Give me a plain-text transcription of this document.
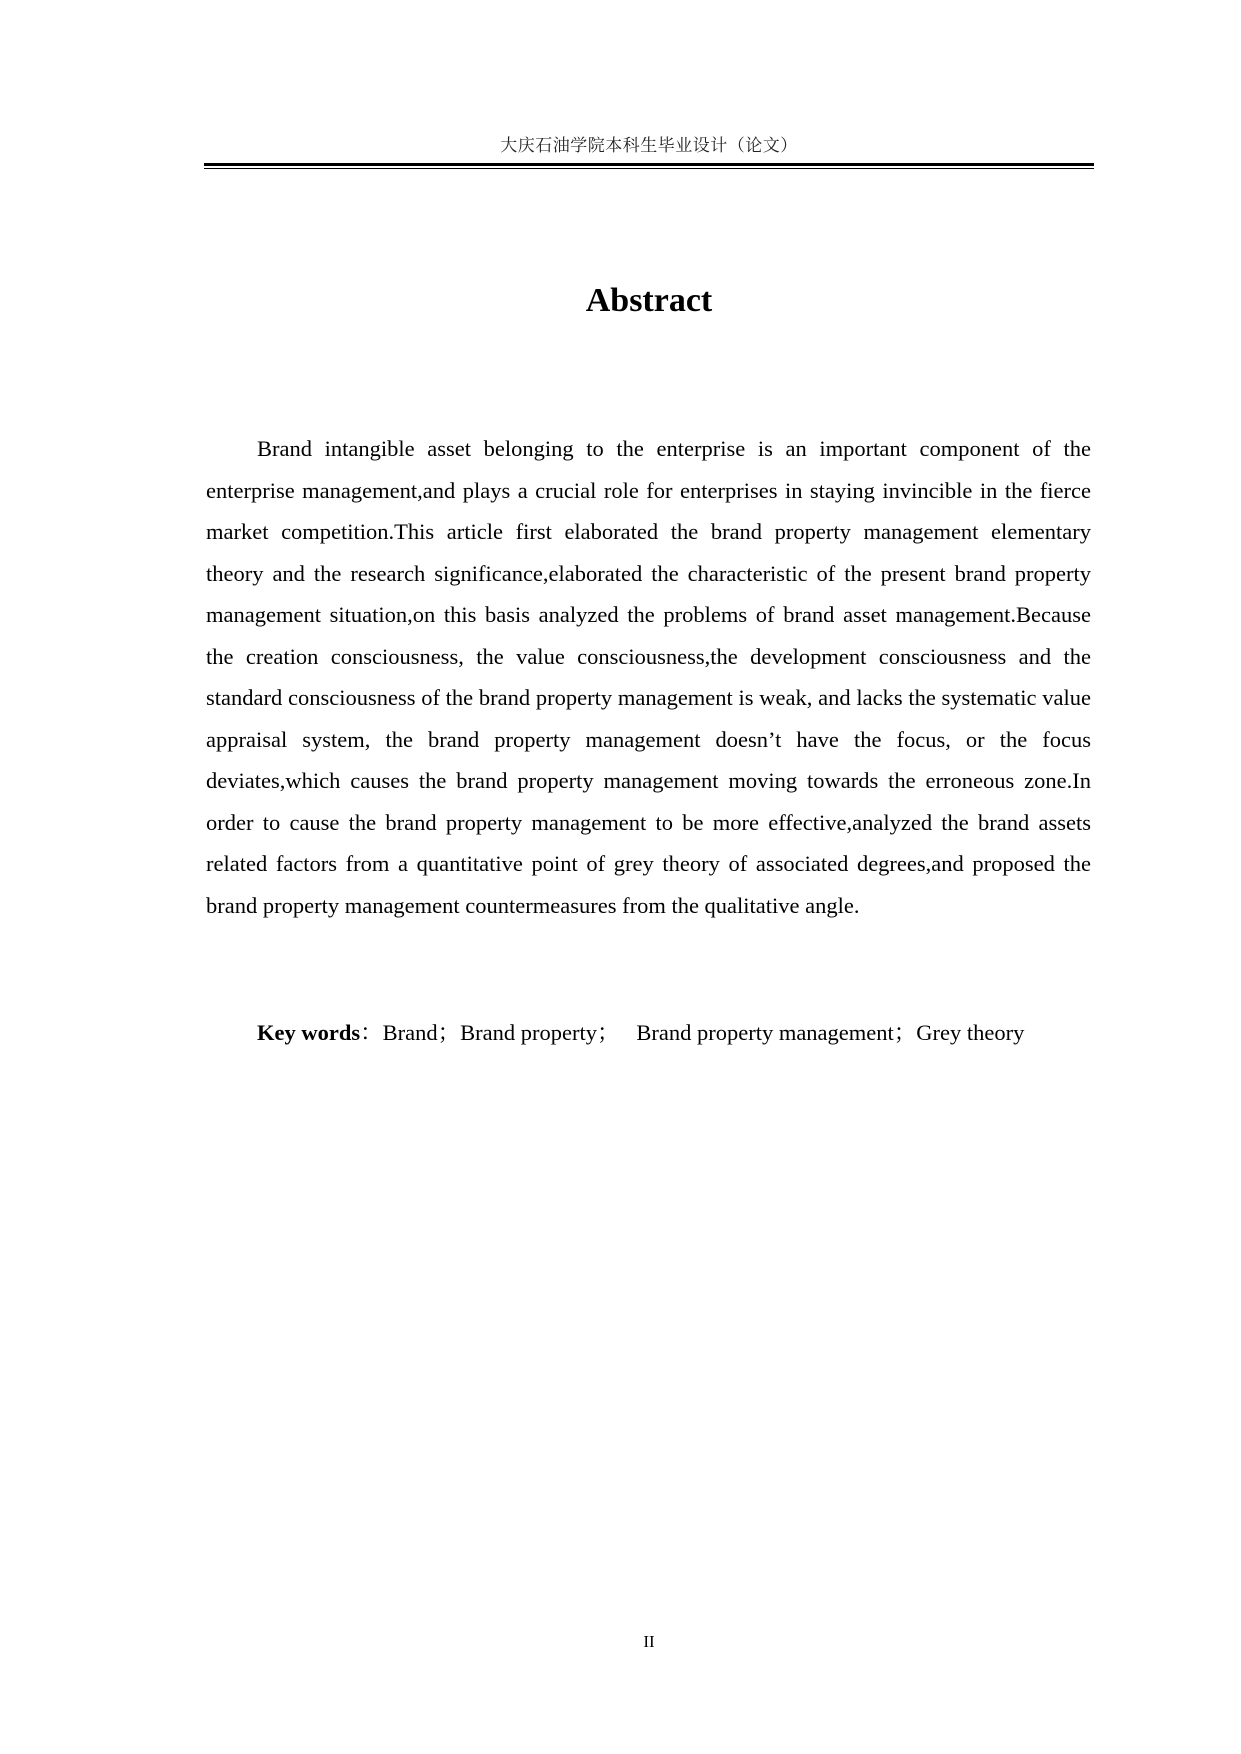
大庆石油学院本科生毕业设计（论文）
Abstract

Brand intangible asset belonging to the enterprise is an important component of the enterprise management,and plays a crucial role for enterprises in staying invincible in the fierce market competition.This article first elaborated the brand property management elementary theory and the research significance,elaborated the characteristic of the present brand property management situation,on this basis analyzed the problems of brand asset management.Because the creation consciousness, the value consciousness,the development consciousness and the standard consciousness of the brand property management is weak, and lacks the systematic value appraisal system, the brand property management doesn’t have the focus, or the focus deviates,which causes the brand property management moving towards the erroneous zone.In order to cause the brand property management to be more effective,analyzed the brand assets related factors from a quantitative point of grey theory of associated degrees,and proposed the brand property management countermeasures from the qualitative angle.

Key words：Brand；Brand property； Brand property management；Grey theory
II
